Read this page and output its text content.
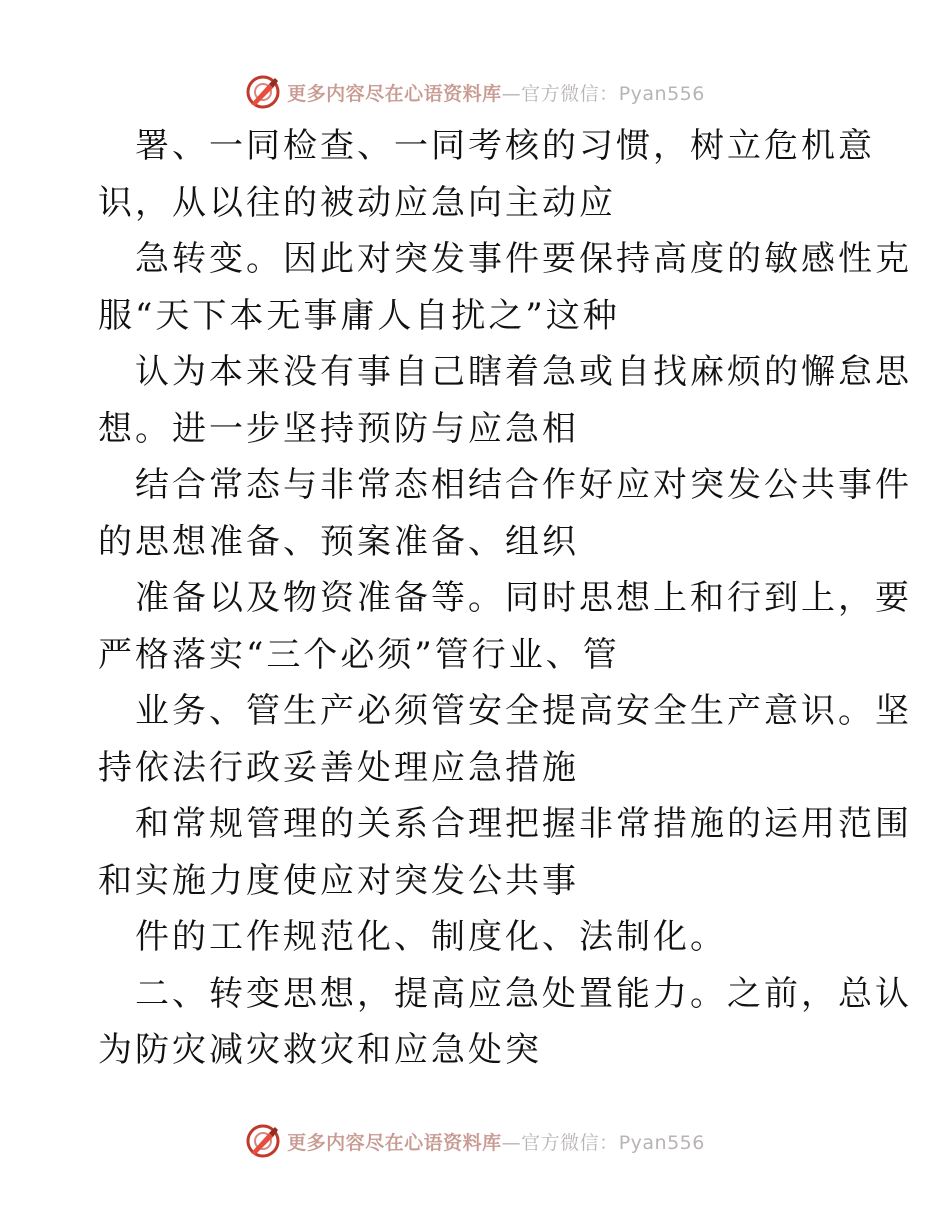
更多内容尽在心语资料库—官方微信：Pyan556

署、一同检查、一同考核的习惯，树立危机意
识，从以往的被动应急向主动应

急转变。因此对突发事件要保持高度的敏感性克
服“天下本无事庸人自扰之”这种

认为本来没有事自己瞎着急或自找麻烦的懈怠思
想。进一步坚持预防与应急相

结合常态与非常态相结合作好应对突发公共事件
的思想准备、预案准备、组织

准备以及物资准备等。同时思想上和行到上，要
严格落实“三个必须”管行业、管

业务、管生产必须管安全提高安全生产意识。坚
持依法行政妥善处理应急措施

和常规管理的关系合理把握非常措施的运用范围
和实施力度使应对突发公共事

件的工作规范化、制度化、法制化。

二、转变思想，提高应急处置能力。之前，总认
为防灾减灾救灾和应急处突

更多内容尽在心语资料库—官方微信：Pyan556
